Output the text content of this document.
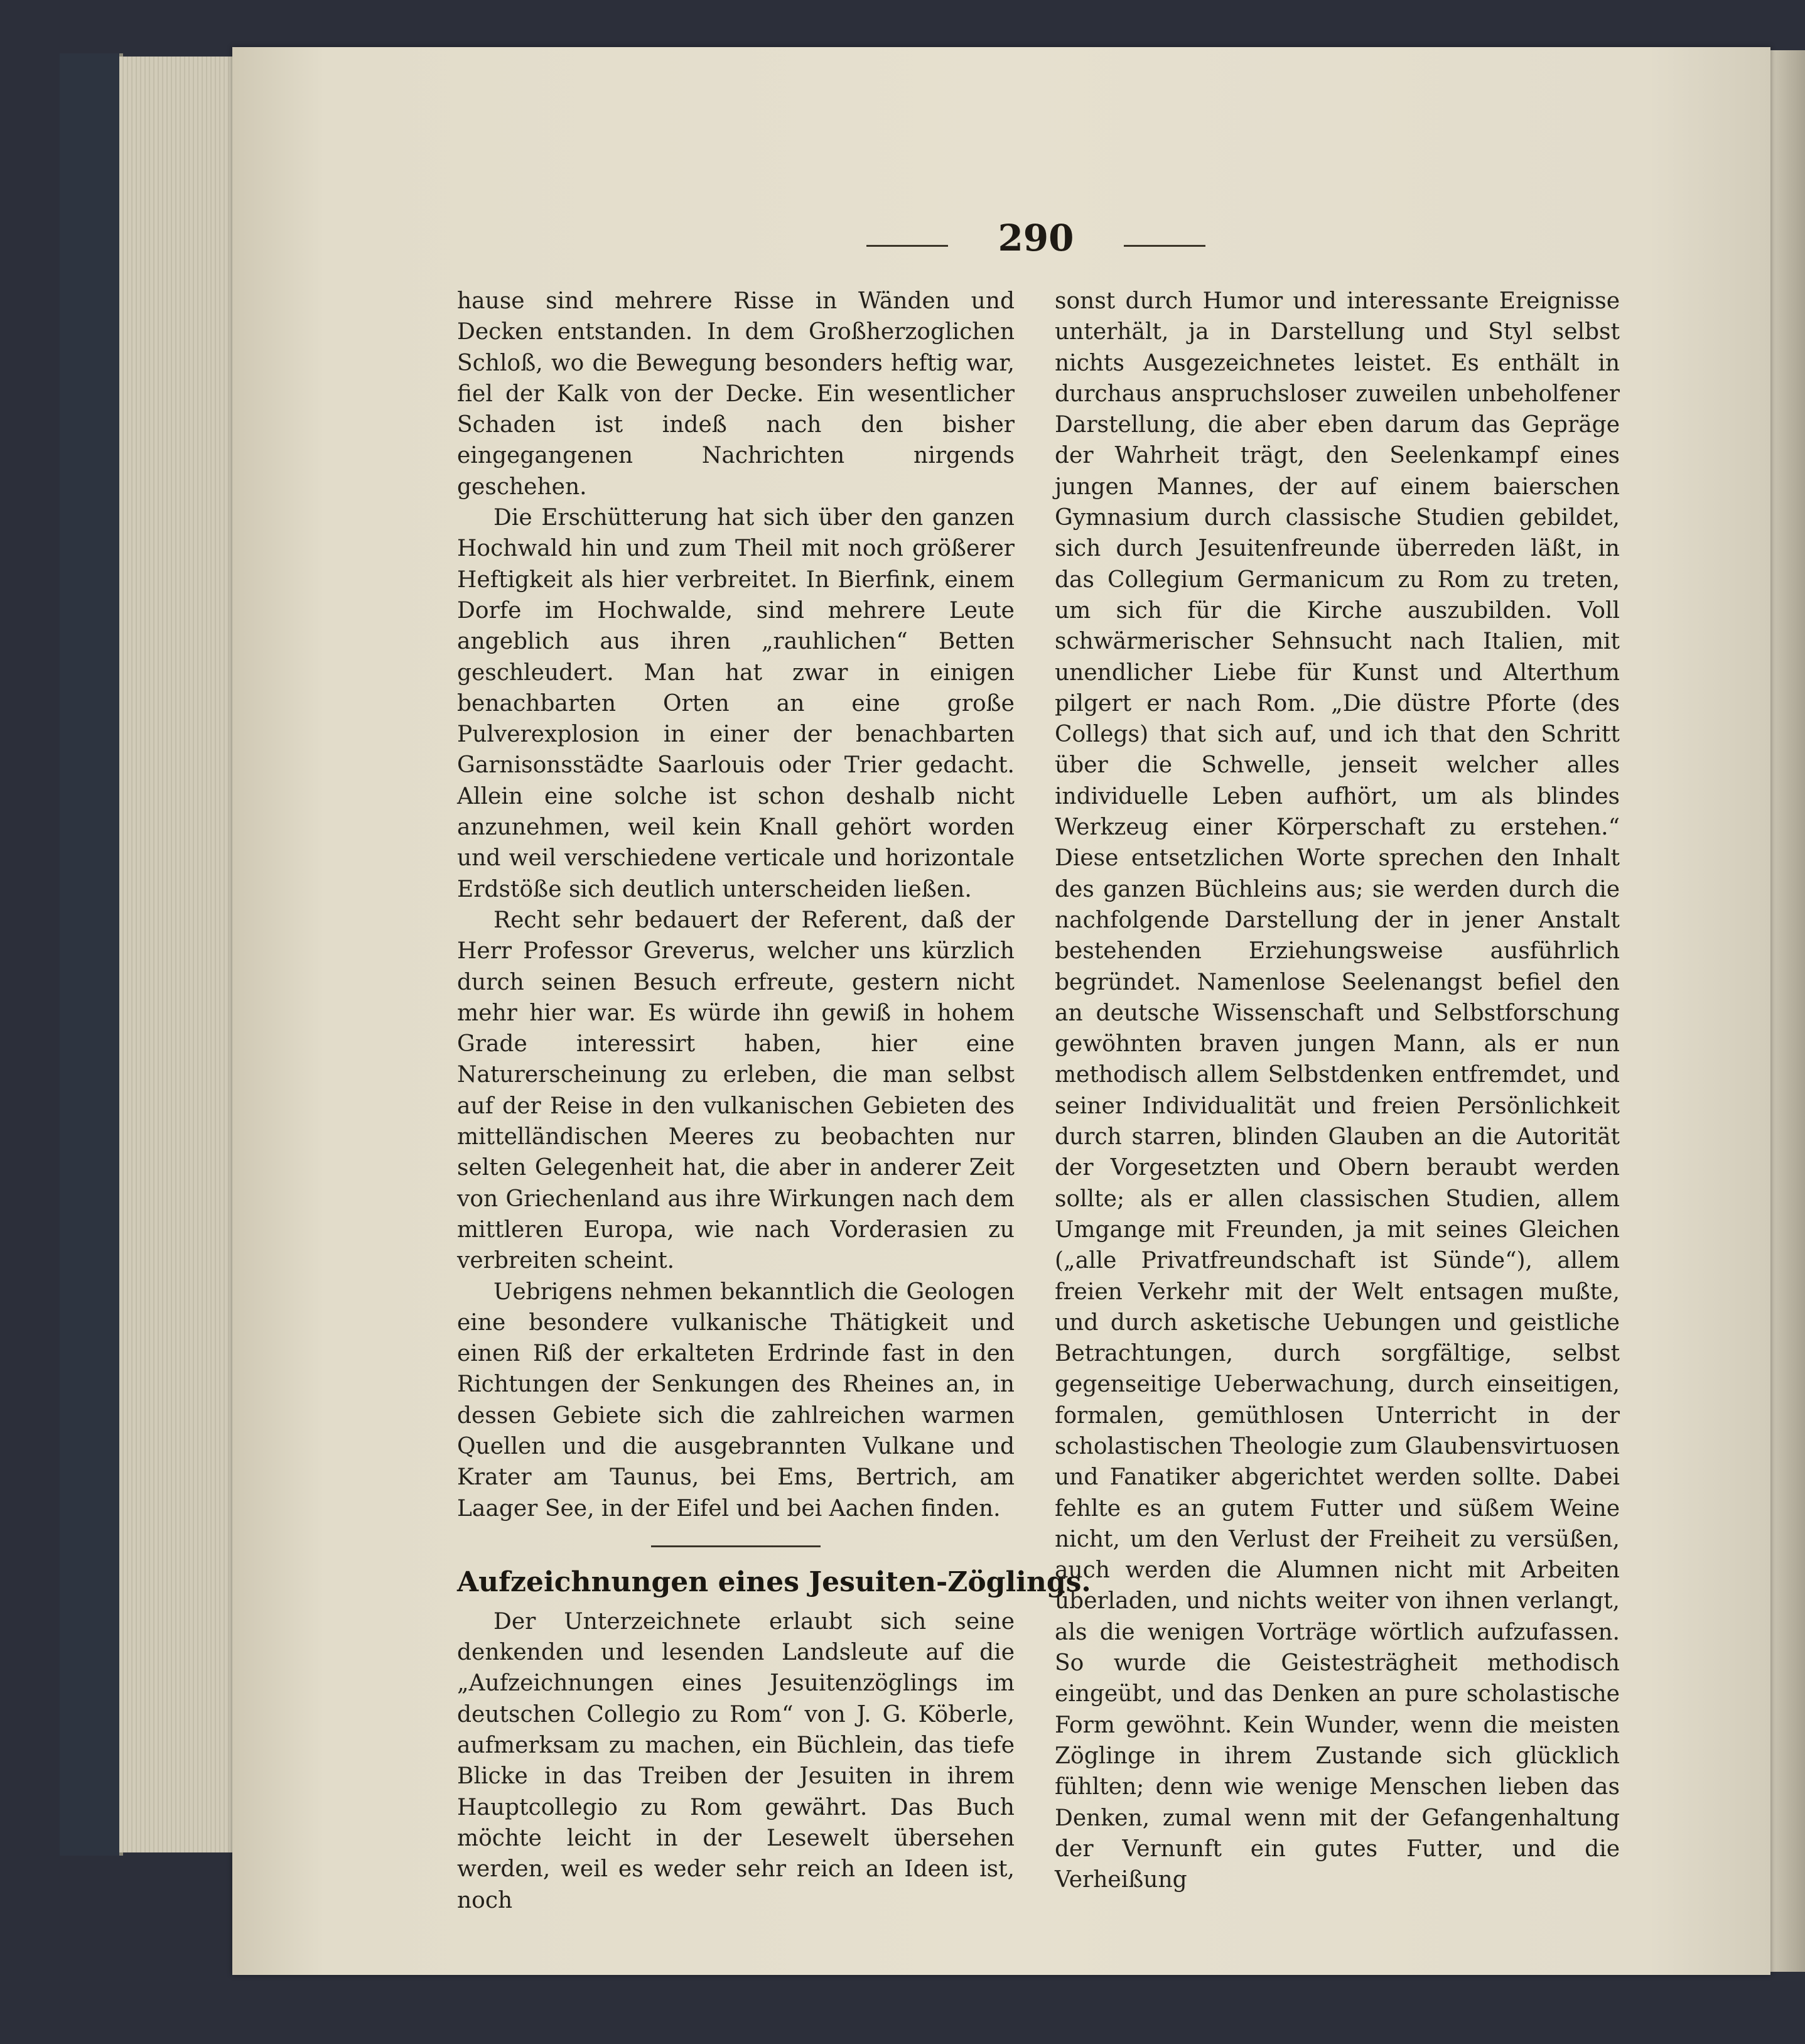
290

hause sind mehrere Risse in Wänden und Decken entstanden. In dem Großherzoglichen Schloß, wo die Bewegung besonders heftig war, fiel der Kalk von der Decke. Ein wesentlicher Schaden ist indeß nach den bisher eingegangenen Nachrichten nirgends geschehen.

Die Erschütterung hat sich über den ganzen Hochwald hin und zum Theil mit noch größerer Heftigkeit als hier verbreitet. In Bierfink, einem Dorfe im Hochwalde, sind mehrere Leute angeblich aus ihren „rauhlichen“ Betten geschleudert. Man hat zwar in einigen benachbarten Orten an eine große Pulverexplosion in einer der benachbarten Garnisonsstädte Saarlouis oder Trier gedacht. Allein eine solche ist schon deshalb nicht anzunehmen, weil kein Knall gehört worden und weil verschiedene verticale und horizontale Erdstöße sich deutlich unterscheiden ließen.

Recht sehr bedauert der Referent, daß der Herr Professor Greverus, welcher uns kürzlich durch seinen Besuch erfreute, gestern nicht mehr hier war. Es würde ihn gewiß in hohem Grade interessirt haben, hier eine Naturerscheinung zu erleben, die man selbst auf der Reise in den vulkanischen Gebieten des mittelländischen Meeres zu beobachten nur selten Gelegenheit hat, die aber in anderer Zeit von Griechenland aus ihre Wirkungen nach dem mittleren Europa, wie nach Vorderasien zu verbreiten scheint.

Uebrigens nehmen bekanntlich die Geologen eine besondere vulkanische Thätigkeit und einen Riß der erkalteten Erdrinde fast in den Richtungen der Senkungen des Rheines an, in dessen Gebiete sich die zahlreichen warmen Quellen und die ausgebrannten Vulkane und Krater am Taunus, bei Ems, Bertrich, am Laager See, in der Eifel und bei Aachen finden.

Aufzeichnungen eines Jesuiten-Zöglings.

Der Unterzeichnete erlaubt sich seine denkenden und lesenden Landsleute auf die „Aufzeichnungen eines Jesuitenzöglings im deutschen Collegio zu Rom“ von J. G. Köberle, aufmerksam zu machen, ein Büchlein, das tiefe Blicke in das Treiben der Jesuiten in ihrem Hauptcollegio zu Rom gewährt. Das Buch möchte leicht in der Lesewelt übersehen werden, weil es weder sehr reich an Ideen ist, noch

sonst durch Humor und interessante Ereignisse unterhält, ja in Darstellung und Styl selbst nichts Ausgezeichnetes leistet. Es enthält in durchaus anspruchsloser zuweilen unbeholfener Darstellung, die aber eben darum das Gepräge der Wahrheit trägt, den Seelenkampf eines jungen Mannes, der auf einem baierschen Gymnasium durch classische Studien gebildet, sich durch Jesuitenfreunde überreden läßt, in das Collegium Germanicum zu Rom zu treten, um sich für die Kirche auszubilden. Voll schwärmerischer Sehnsucht nach Italien, mit unendlicher Liebe für Kunst und Alterthum pilgert er nach Rom. „Die düstre Pforte (des Collegs) that sich auf, und ich that den Schritt über die Schwelle, jenseit welcher alles individuelle Leben aufhört, um als blindes Werkzeug einer Körperschaft zu erstehen.“ Diese entsetzlichen Worte sprechen den Inhalt des ganzen Büchleins aus; sie werden durch die nachfolgende Darstellung der in jener Anstalt bestehenden Erziehungsweise ausführlich begründet. Namenlose Seelenangst befiel den an deutsche Wissenschaft und Selbstforschung gewöhnten braven jungen Mann, als er nun methodisch allem Selbstdenken entfremdet, und seiner Individualität und freien Persönlichkeit durch starren, blinden Glauben an die Autorität der Vorgesetzten und Obern beraubt werden sollte; als er allen classischen Studien, allem Umgange mit Freunden, ja mit seines Gleichen („alle Privatfreundschaft ist Sünde“), allem freien Verkehr mit der Welt entsagen mußte, und durch asketische Uebungen und geistliche Betrachtungen, durch sorgfältige, selbst gegenseitige Ueberwachung, durch einseitigen, formalen, gemüthlosen Unterricht in der scholastischen Theologie zum Glaubensvirtuosen und Fanatiker abgerichtet werden sollte. Dabei fehlte es an gutem Futter und süßem Weine nicht, um den Verlust der Freiheit zu versüßen, auch werden die Alumnen nicht mit Arbeiten überladen, und nichts weiter von ihnen verlangt, als die wenigen Vorträge wörtlich aufzufassen. So wurde die Geistesträgheit methodisch eingeübt, und das Denken an pure scholastische Form gewöhnt. Kein Wunder, wenn die meisten Zöglinge in ihrem Zustande sich glücklich fühlten; denn wie wenige Menschen lieben das Denken, zumal wenn mit der Gefangenhaltung der Vernunft ein gutes Futter, und die Verheißung
